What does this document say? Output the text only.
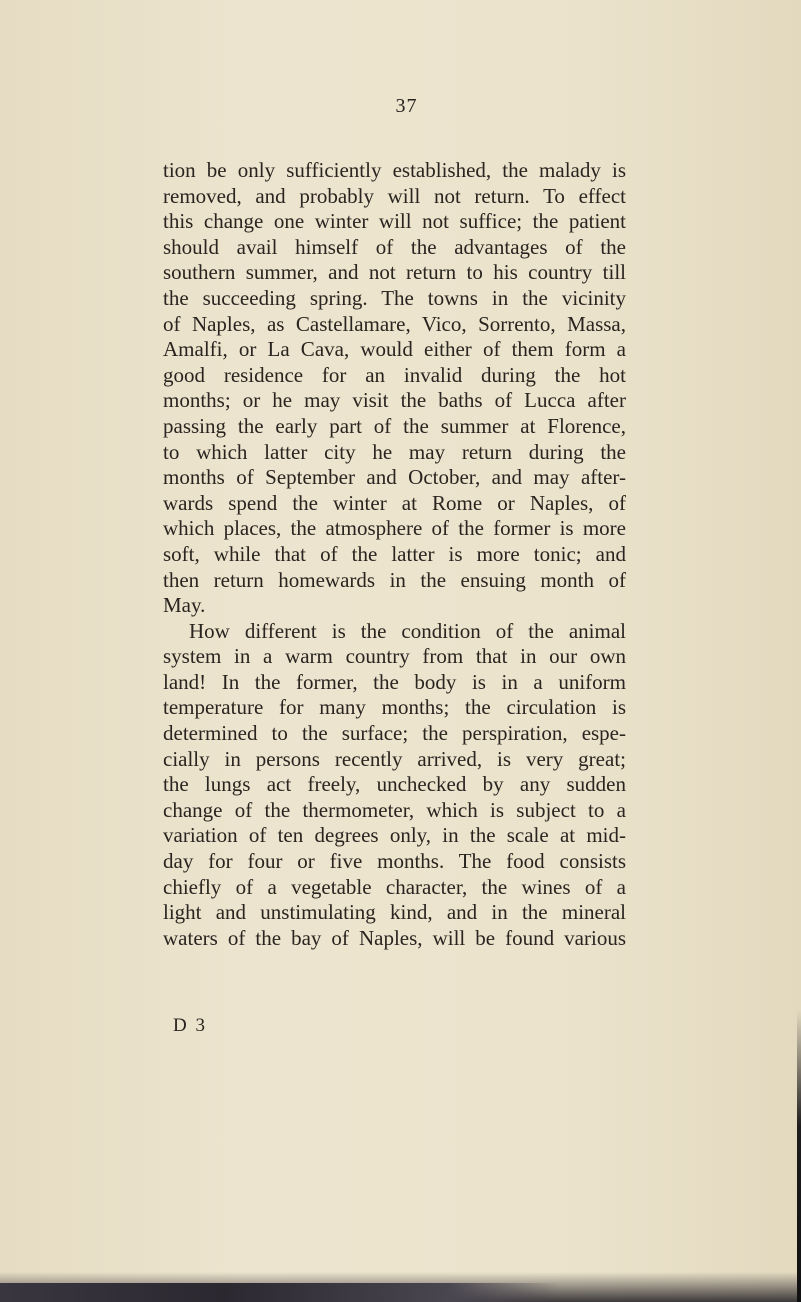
37
tion be only sufficiently established, the malady is
removed, and probably will not return. To effect
this change one winter will not suffice; the patient
should avail himself of the advantages of the
southern summer, and not return to his country till
the succeeding spring. The towns in the vicinity
of Naples, as Castellamare, Vico, Sorrento, Massa,
Amalfi, or La Cava, would either of them form a
good residence for an invalid during the hot
months; or he may visit the baths of Lucca after
passing the early part of the summer at Florence,
to which latter city he may return during the
months of September and October, and may after-
wards spend the winter at Rome or Naples, of
which places, the atmosphere of the former is more
soft, while that of the latter is more tonic; and
then return homewards in the ensuing month of
May.
How different is the condition of the animal
system in a warm country from that in our own
land! In the former, the body is in a uniform
temperature for many months; the circulation is
determined to the surface; the perspiration, espe-
cially in persons recently arrived, is very great;
the lungs act freely, unchecked by any sudden
change of the thermometer, which is subject to a
variation of ten degrees only, in the scale at mid-
day for four or five months. The food consists
chiefly of a vegetable character, the wines of a
light and unstimulating kind, and in the mineral
waters of the bay of Naples, will be found various
D 3
